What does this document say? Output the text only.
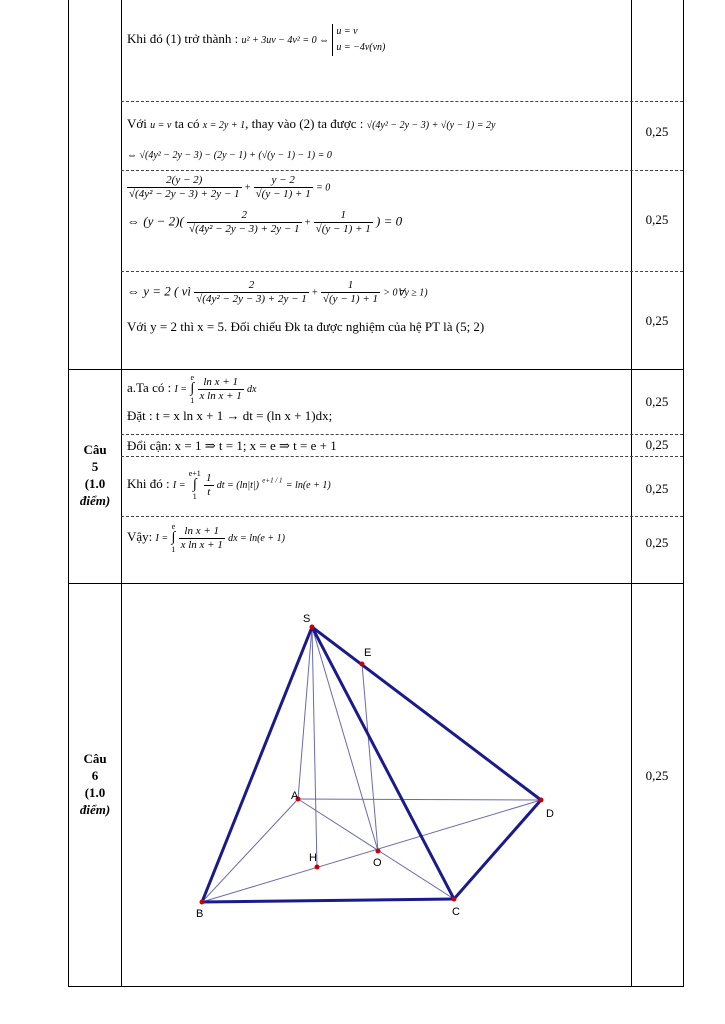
Khi đó (1) trở thành : u² + 3uv − 4v² = 0 ⇔
u = v
u = −4v(vn)
Với u = v ta có x = 2y + 1, thay vào (2) ta được : √(4y² − 2y − 3) + √(y − 1) = 2y
⇔ √(4y² − 2y − 3) − (2y − 1) + (√(y − 1) − 1) = 0
0,25
$\frac{2(y - 2)}{\text{√(4y² − 2y − 3) + 2y − 1}} + \frac{y - 2}{√(y - 1) + 1} = 0$
⇔ $(y - 2)( \frac{2}{\text{√(4y² − 2y − 3) + 2y − 1}} + \frac{1}{√(y - 1) + 1}$ ) = 0	0,25
⇔ y = 2 ( vì $\frac{2}{\text{√(4y² − 2y − 3) + 2y − 1}} + \frac{1}{√(y - 1) + 1}$ > 0∀y ≥ 1)
Với y = 2 thì x = 5. Đối chiếu Đk ta được nghiệm của hệ PT là (5; 2)	0,25
Câu
5
(1.0
điểm)
a.Ta có : I =
e
∫
1
$\frac{\text{ln x + 1}}{\text{x ln x + 1}}$ dx
Đặt : t = x ln x + 1 → dt = (ln x + 1)dx;
0,25
Đổi cận: x = 1 ⇒ t = 1; x = e ⇒ t = e + 1	0,25
Khi đó : I =
e+1
∫
1
$\frac{1}{t}$ dt = (ln|t|) $^{e+1 / 1}$ = ln(e + 1)	0,25
Vậy: I =
e
∫
1
$\frac{\text{ln x + 1}}{\text{x ln x + 1}}$ dx = ln(e + 1)	0,25
Câu
6
(1.0
điểm)
0,25
S
E
A
D
H	O
B	C
